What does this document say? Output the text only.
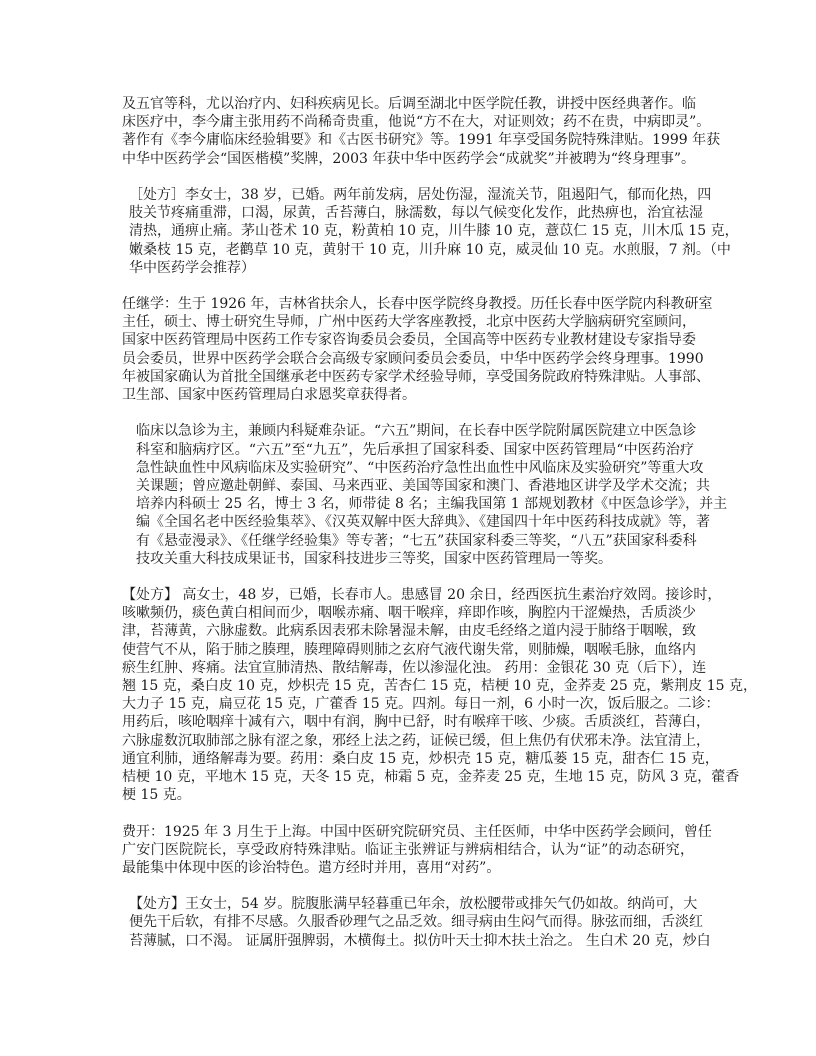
及五官等科，尤以治疗内、妇科疾病见长。后调至湖北中医学院任教，讲授中医经典著作。临
床医疗中，李今庸主张用药不尚稀奇贵重，他说“方不在大，对证则效；药不在贵，中病即灵”。
著作有《李今庸临床经验辑要》和《古医书研究》等。1991 年享受国务院特殊津贴。1999 年获
中华中医药学会“国医楷模”奖牌，2003 年获中华中医药学会“成就奖”并被聘为“终身理事”。
［处方］李女士，38 岁，已婚。两年前发病，居处伤湿，湿流关节，阻遏阳气，郁而化热，四
肢关节疼痛重滞，口渴，尿黄，舌苔薄白，脉濡数，每以气候变化发作，此热痹也，治宜祛湿
清热，通痹止痛。茅山苍术 10 克，粉黄柏 10 克，川牛膝 10 克，薏苡仁 15 克，川木瓜 15 克，
嫩桑枝 15 克，老鹳草 10 克，黄射干 10 克，川升麻 10 克，威灵仙 10 克。水煎服，7 剂。（中
华中医药学会推荐）
任继学：生于 1926 年，吉林省扶余人，长春中医学院终身教授。历任长春中医学院内科教研室
主任，硕士、博士研究生导师，广州中医药大学客座教授，北京中医药大学脑病研究室顾问，
国家中医药管理局中医药工作专家咨询委员会委员，全国高等中医药专业教材建设专家指导委
员会委员，世界中医药学会联合会高级专家顾问委员会委员，中华中医药学会终身理事。1990
年被国家确认为首批全国继承老中医药专家学术经验导师，享受国务院政府特殊津贴。人事部、
卫生部、国家中医药管理局白求恩奖章获得者。
临床以急诊为主，兼顾内科疑难杂证。“六五”期间，在长春中医学院附属医院建立中医急诊
科室和脑病疗区。“六五”至“九五”，先后承担了国家科委、国家中医药管理局“中医药治疗
急性缺血性中风病临床及实验研究”、“中医药治疗急性出血性中风临床及实验研究”等重大攻
关课题；曾应邀赴朝鲜、泰国、马来西亚、美国等国家和澳门、香港地区讲学及学术交流；共
培养内科硕士 25 名，博士 3 名，师带徒 8 名；主编我国第 1 部规划教材《中医急诊学》，并主
编《全国名老中医经验集萃》、《汉英双解中医大辞典》、《建国四十年中医药科技成就》等，著
有《悬壶漫录》、《任继学经验集》等专著；“七五”获国家科委三等奖，“八五”获国家科委科
技攻关重大科技成果证书，国家科技进步三等奖，国家中医药管理局一等奖。
【处方】 高女士，48 岁，已婚，长春市人。患感冒 20 余日，经西医抗生素治疗效罔。接诊时，
咳嗽频仍，痰色黄白相间而少，咽喉赤痛、咽干喉痒，痒即作咳，胸腔内干涩燥热，舌质淡少
津，苔薄黄，六脉虚数。此病系因表邪未除暑湿未解，由皮毛经络之道内浸于肺络于咽喉，致
使营气不从，陷于肺之腠理，腠理障碍则肺之玄府气液代谢失常，则肺燥，咽喉毛脉，血络内
瘀生红肿、疼痛。法宜宣肺清热、散结解毒，佐以渗湿化浊。 药用：金银花 30 克（后下），连
翘 15 克，桑白皮 10 克，炒枳壳 15 克，苦杏仁 15 克，桔梗 10 克，金荞麦 25 克，紫荆皮 15 克，
大力子 15 克，扁豆花 15 克，广藿香 15 克。四剂。每日一剂，6 小时一次，饭后服之。二诊：
用药后，咳呛咽痒十减有六，咽中有润，胸中已舒，时有喉痒干咳、少痰。舌质淡红，苔薄白，
六脉虚数沉取肺部之脉有涩之象，邪经上法之药，证候已缓，但上焦仍有伏邪未净。法宜清上，
通宜利肺，通络解毒为要。药用：桑白皮 15 克，炒枳壳 15 克，糖瓜蒌 15 克，甜杏仁 15 克，
桔梗 10 克，平地木 15 克，天冬 15 克，柿霜 5 克，金荞麦 25 克，生地 15 克，防风 3 克，藿香
梗 15 克。
费开：1925 年 3 月生于上海。中国中医研究院研究员、主任医师，中华中医药学会顾问，曾任
广安门医院院长，享受政府特殊津贴。临证主张辨证与辨病相结合，认为“证”的动态研究，
最能集中体现中医的诊治特色。遣方经时并用，喜用“对药”。
【处方】王女士，54 岁。脘腹胀满早轻暮重已年余，放松腰带或排矢气仍如故。纳尚可，大
便先干后软，有排不尽感。久服香砂理气之品乏效。细寻病由生闷气而得。脉弦而细，舌淡红
苔薄腻，口不渴。 证属肝强脾弱，木横侮土。拟仿叶天士抑木扶土治之。 生白术 20 克，炒白
